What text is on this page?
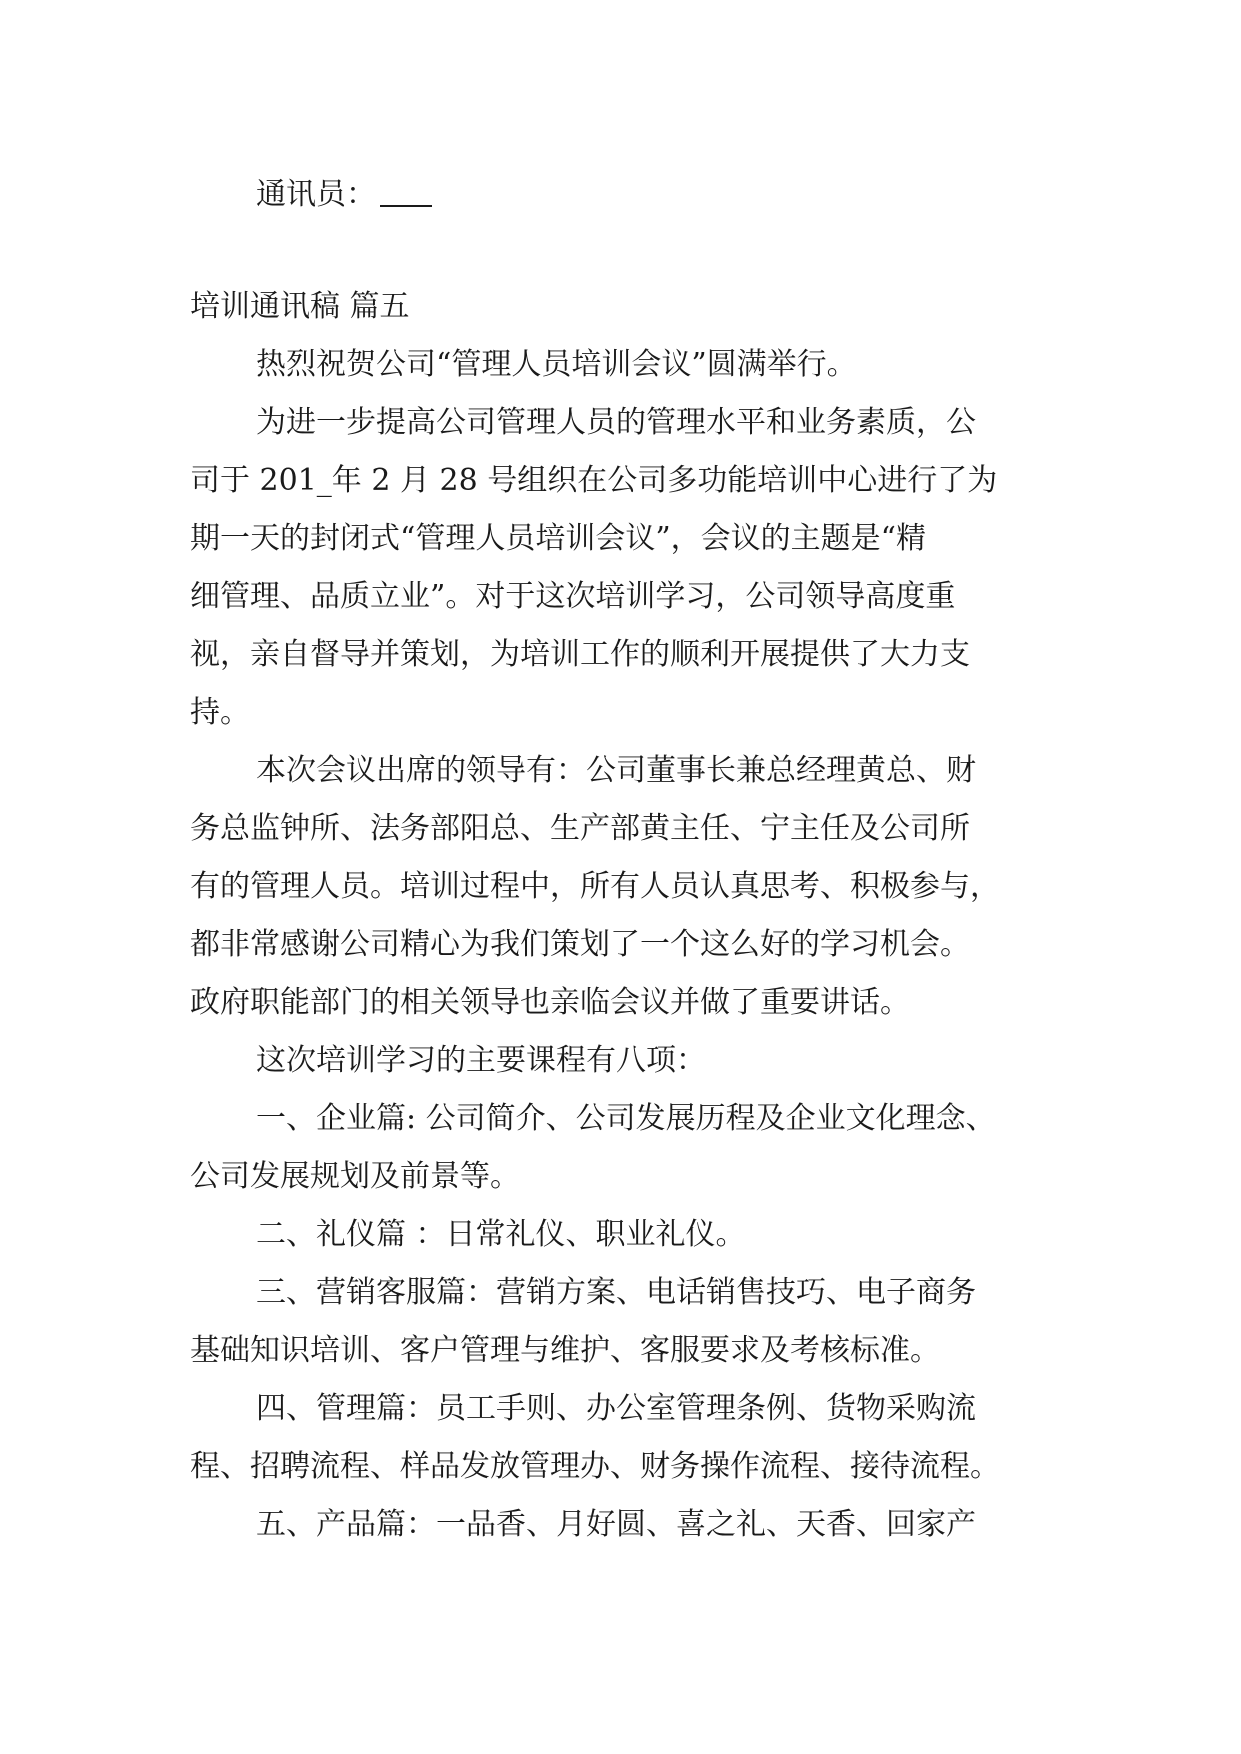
通讯员：
培训通讯稿 篇五
热烈祝贺公司“管理人员培训会议”圆满举行。
为进一步提高公司管理人员的管理水平和业务素质，公
司于 201_年 2 月 28 号组织在公司多功能培训中心进行了为
期一天的封闭式“管理人员培训会议”，会议的主题是“精
细管理、品质立业”。对于这次培训学习，公司领导高度重
视，亲自督导并策划，为培训工作的顺利开展提供了大力支
持。
本次会议出席的领导有：公司董事长兼总经理黄总、财
务总监钟所、法务部阳总、生产部黄主任、宁主任及公司所
有的管理人员。培训过程中，所有人员认真思考、积极参与，
都非常感谢公司精心为我们策划了一个这么好的学习机会。
政府职能部门的相关领导也亲临会议并做了重要讲话。
这次培训学习的主要课程有八项：
一、企业篇: 公司简介、公司发展历程及企业文化理念、
公司发展规划及前景等。
二、礼仪篇 ：日常礼仪、职业礼仪。
三、营销客服篇：营销方案、电话销售技巧、电子商务
基础知识培训、客户管理与维护、客服要求及考核标准。
四、管理篇：员工手则、办公室管理条例、货物采购流
程、招聘流程、样品发放管理办、财务操作流程、接待流程。
五、产品篇：一品香、月好圆、喜之礼、天香、回家产
